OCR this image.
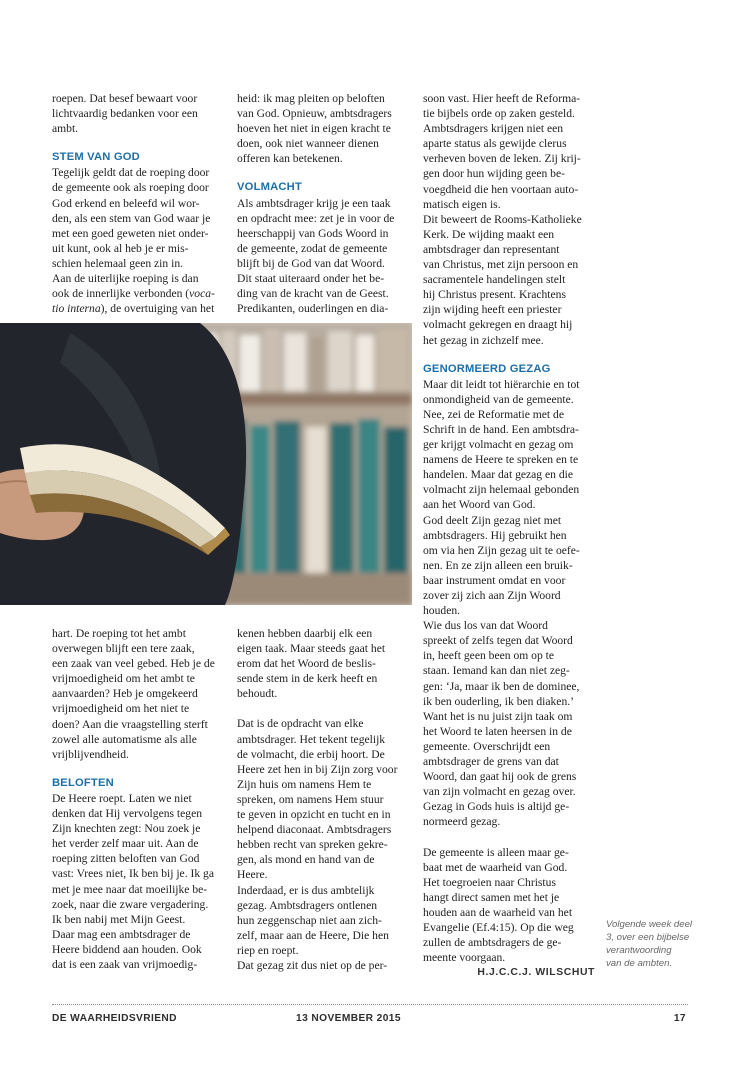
roepen. Dat besef bewaart voor
lichtvaardig bedanken voor een
ambt.

STEM VAN GOD

Tegelijk geldt dat de roeping door
de gemeente ook als roeping door
God erkend en beleefd wil wor-
den, als een stem van God waar je
met een goed geweten niet onder-
uit kunt, ook al heb je er mis-
schien helemaal geen zin in.

Aan de uiterlijke roeping is dan
ook de innerlijke verbonden (voca-
tio interna), de overtuiging van het

heid: ik mag pleiten op beloften
van God. Opnieuw, ambtsdragers
hoeven het niet in eigen kracht te
doen, ook niet wanneer dienen
offeren kan betekenen.

VOLMACHT

Als ambtsdrager krijg je een taak
en opdracht mee: zet je in voor de
heerschappij van Gods Woord in
de gemeente, zodat de gemeente
blijft bij de God van dat Woord.
Dit staat uiteraard onder het be-
ding van de kracht van de Geest.
Predikanten, ouderlingen en dia-

hart. De roeping tot het ambt
overwegen blijft een tere zaak,
een zaak van veel gebed. Heb je de
vrijmoedigheid om het ambt te
aanvaarden? Heb je omgekeerd
vrijmoedigheid om het niet te
doen? Aan die vraagstelling sterft
zowel alle automatisme als alle
vrijblijvendheid.

BELOFTEN

De Heere roept. Laten we niet
denken dat Hij vervolgens tegen
Zijn knechten zegt: Nou zoek je
het verder zelf maar uit. Aan de
roeping zitten beloften van God
vast: Vrees niet, Ik ben bij je. Ik ga
met je mee naar dat moeilijke be-
zoek, naar die zware vergadering.
Ik ben nabij met Mijn Geest.

Daar mag een ambtsdrager de
Heere biddend aan houden. Ook
dat is een zaak van vrijmoedig-

kenen hebben daarbij elk een
eigen taak. Maar steeds gaat het
erom dat het Woord de beslis-
sende stem in de kerk heeft en
behoudt.

Dat is de opdracht van elke
ambtsdrager. Het tekent tegelijk
de volmacht, die erbij hoort. De
Heere zet hen in bij Zijn zorg voor
Zijn huis om namens Hem te
spreken, om namens Hem stuur
te geven in opzicht en tucht en in
helpend diaconaat. Ambtsdragers
hebben recht van spreken gekre-
gen, als mond en hand van de
Heere.

Inderdaad, er is dus ambtelijk
gezag. Ambtsdragers ontlenen
hun zeggenschap niet aan zich-
zelf, maar aan de Heere, Die hen
riep en roept.

Dat gezag zit dus niet op de per-

soon vast. Hier heeft de Reforma-
tie bijbels orde op zaken gesteld.
Ambtsdragers krijgen niet een
aparte status als gewijde clerus
verheven boven de leken. Zij krij-
gen door hun wijding geen be-
voegdheid die hen voortaan auto-
matisch eigen is.

Dit beweert de Rooms-Katholieke
Kerk. De wijding maakt een
ambtsdrager dan representant
van Christus, met zijn persoon en
sacramentele handelingen stelt
hij Christus present. Krachtens
zijn wijding heeft een priester
volmacht gekregen en draagt hij
het gezag in zichzelf mee.

GENORMEERD GEZAG

Maar dit leidt tot hiërarchie en tot
onmondigheid van de gemeente.
Nee, zei de Reformatie met de
Schrift in de hand. Een ambtsdra-
ger krijgt volmacht en gezag om
namens de Heere te spreken en te
handelen. Maar dat gezag en die
volmacht zijn helemaal gebonden
aan het Woord van God.

God deelt Zijn gezag niet met
ambtsdragers. Hij gebruikt hen
om via hen Zijn gezag uit te oefe-
nen. En ze zijn alleen een bruik-
baar instrument omdat en voor
zover zij zich aan Zijn Woord
houden.

Wie dus los van dat Woord
spreekt of zelfs tegen dat Woord
in, heeft geen been om op te
staan. Iemand kan dan niet zeg-
gen: ‘Ja, maar ik ben de dominee,
ik ben ouderling, ik ben diaken.’
Want het is nu juist zijn taak om
het Woord te laten heersen in de
gemeente. Overschrijdt een
ambtsdrager de grens van dat
Woord, dan gaat hij ook de grens
van zijn volmacht en gezag over.
Gezag in Gods huis is altijd ge-
normeerd gezag.

De gemeente is alleen maar ge-
baat met de waarheid van God.
Het toegroeien naar Christus
hangt direct samen met het je
houden aan de waarheid van het
Evangelie (Ef.4:15). Op die weg
zullen de ambtsdragers de ge-
meente voorgaan.

H.J.C.C.J. WILSCHUT

Volgende week deel
3, over een bijbelse
verantwoording
van de ambten.
DE WAARHEIDSVRIEND	13 NOVEMBER 2015	17
